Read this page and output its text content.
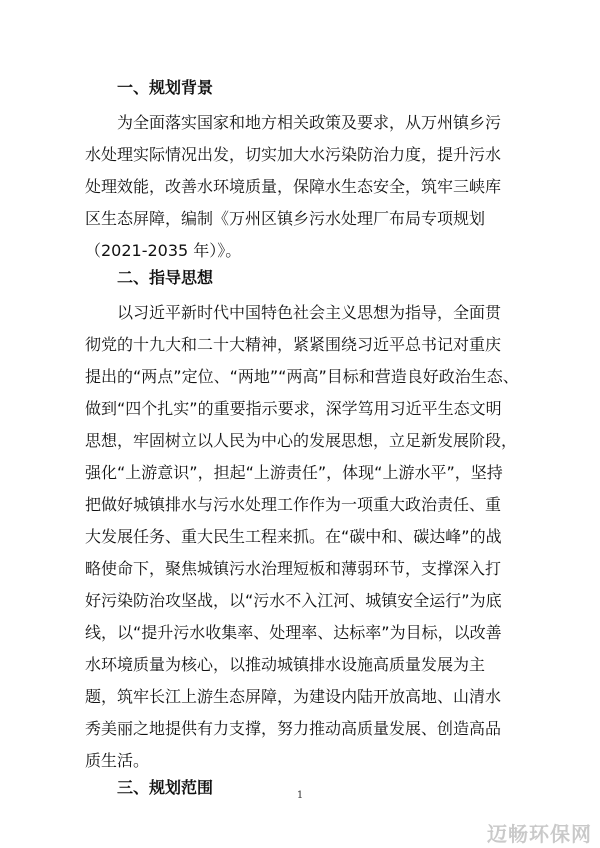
一、规划背景

为全面落实国家和地方相关政策及要求，从万州镇乡污

水处理实际情况出发，切实加大水污染防治力度，提升污水

处理效能，改善水环境质量，保障水生态安全，筑牢三峡库

区生态屏障，编制《万州区镇乡污水处理厂布局专项规划

（2021-2035 年）》。

二、指导思想

以习近平新时代中国特色社会主义思想为指导，全面贯

彻党的十九大和二十大精神，紧紧围绕习近平总书记对重庆

提出的“两点”定位、“两地”“两高”目标和营造良好政治生态、

做到“四个扎实”的重要指示要求，深学笃用习近平生态文明

思想，牢固树立以人民为中心的发展思想，立足新发展阶段，

强化“上游意识”，担起“上游责任”，体现“上游水平”，坚持

把做好城镇排水与污水处理工作作为一项重大政治责任、重

大发展任务、重大民生工程来抓。在“碳中和、碳达峰”的战

略使命下，聚焦城镇污水治理短板和薄弱环节，支撑深入打

好污染防治攻坚战，以“污水不入江河、城镇安全运行”为底

线，以“提升污水收集率、处理率、达标率”为目标，以改善

水环境质量为核心，以推动城镇排水设施高质量发展为主

题，筑牢长江上游生态屏障，为建设内陆开放高地、山清水

秀美丽之地提供有力支撑，努力推动高质量发展、创造高品

质生活。

三、规划范围	1
迈畅环保网
